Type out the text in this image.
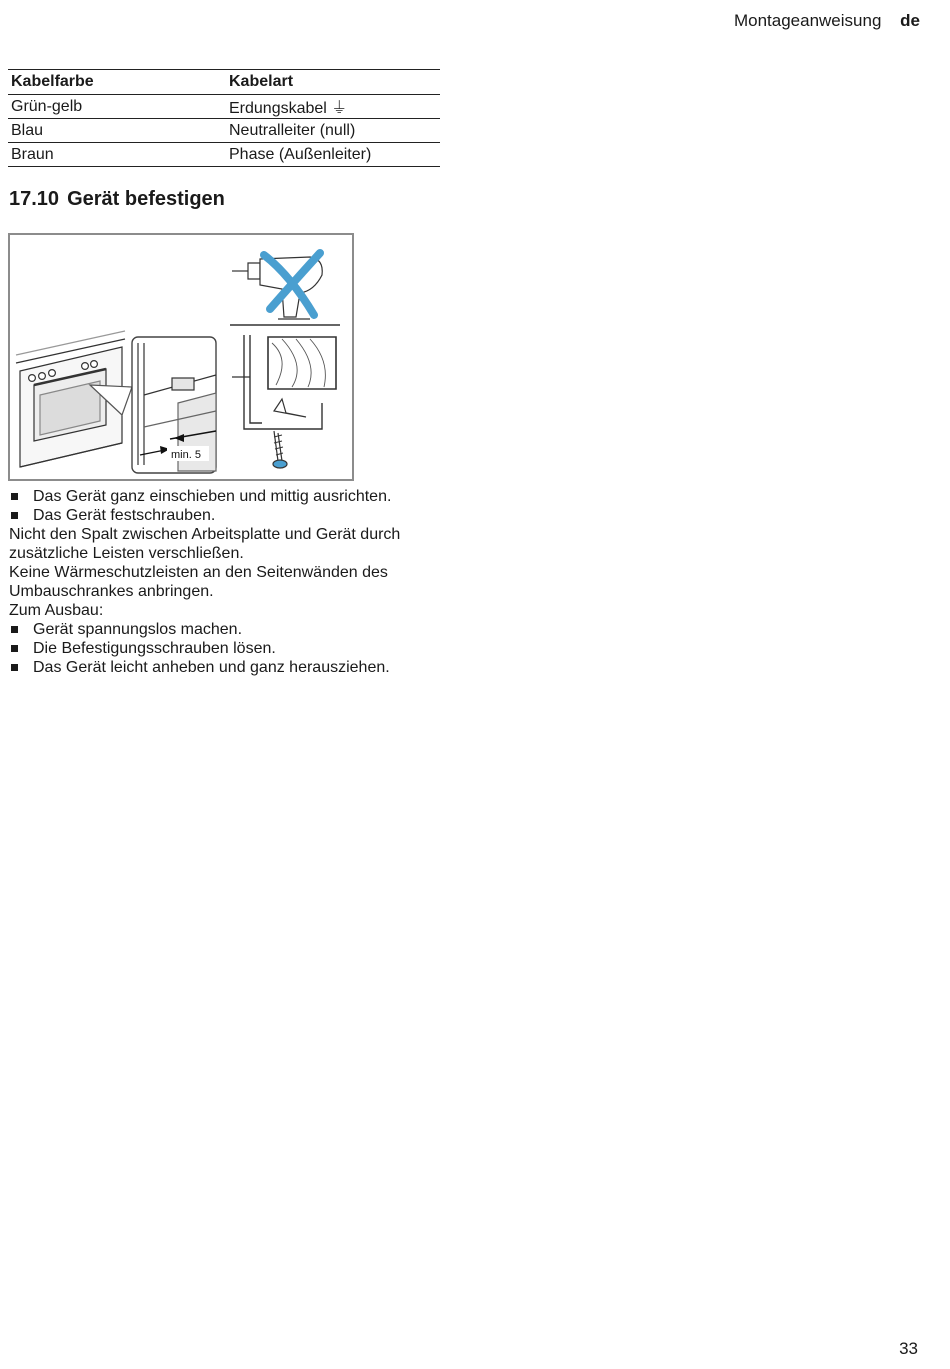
Montageanweisung de
Kabelfarbe	Kabelart
Grün-gelb	Erdungskabel ⏚
Blau	Neutralleiter (null)
Braun	Phase (Außenleiter)
17.10 Gerät befestigen
min. 5

Das Gerät ganz einschieben und mittig ausrichten.

Das Gerät festschrauben.

Nicht den Spalt zwischen Arbeitsplatte und Gerät durch zusätzliche Leisten verschließen.

Keine Wärmeschutzleisten an den Seitenwänden des Umbauschrankes anbringen.

Zum Ausbau:

Gerät spannungslos machen.

Die Befestigungsschrauben lösen.

Das Gerät leicht anheben und ganz herausziehen.

33
